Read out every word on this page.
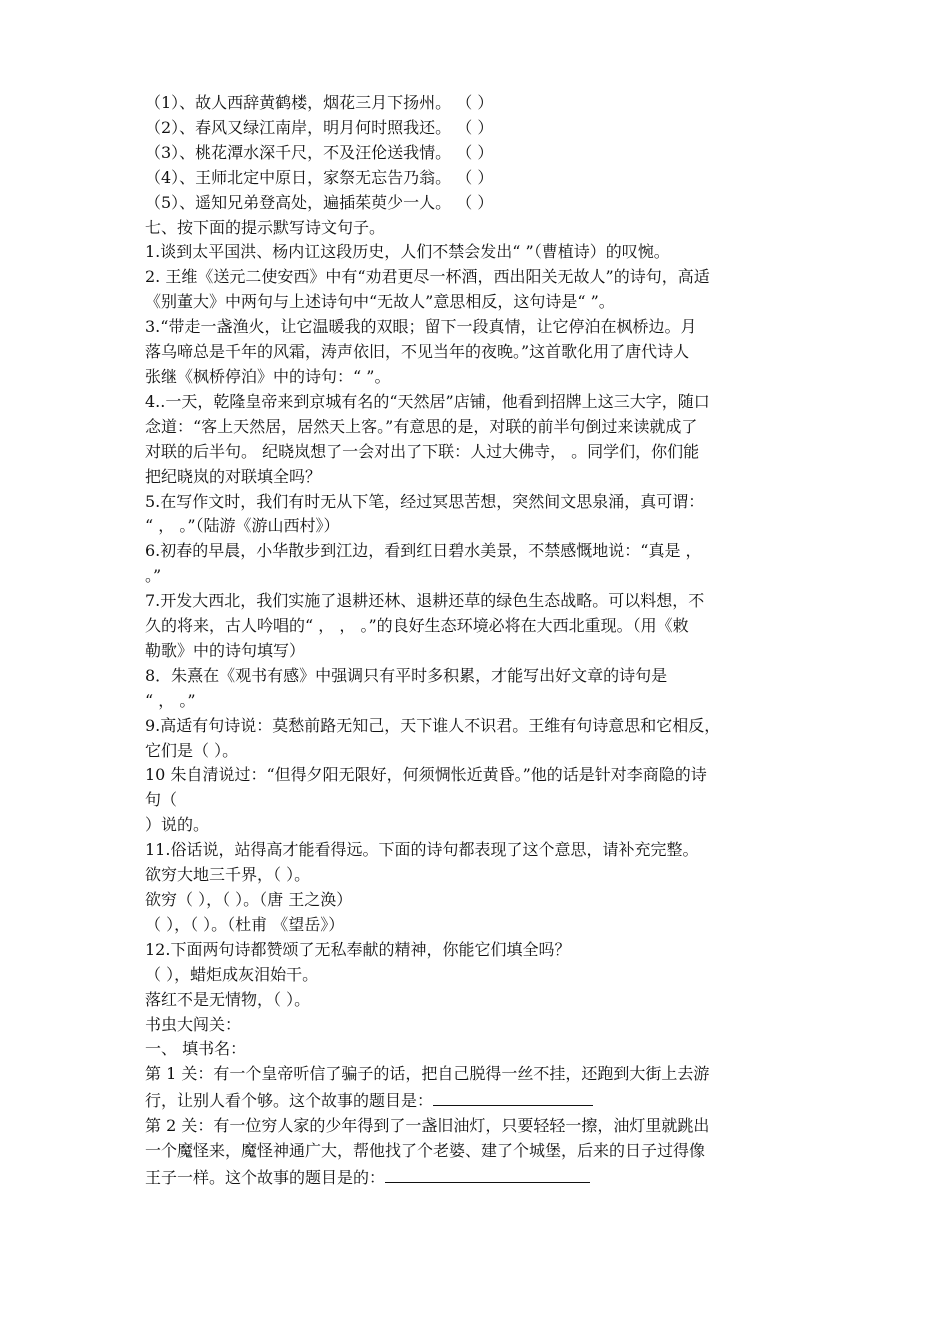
（1）、故人西辞黄鹤楼，烟花三月下扬州。 （ ）
（2）、春风又绿江南岸，明月何时照我还。 （ ）
（3）、桃花潭水深千尺，不及汪伦送我情。 （ ）
（4）、王师北定中原日，家祭无忘告乃翁。 （ ）
（5）、遥知兄弟登高处，遍插茱萸少一人。 （ ）
七、按下面的提示默写诗文句子。
1.谈到太平国洪、杨内讧这段历史，人们不禁会发出“ ”（曹植诗）的叹惋。
2. 王维《送元二使安西》中有“劝君更尽一杯酒，西出阳关无故人”的诗句，高适
《别董大》中两句与上述诗句中“无故人”意思相反，这句诗是“ ”。
3.“带走一盏渔火，让它温暖我的双眼；留下一段真情，让它停泊在枫桥边。月
落乌啼总是千年的风霜，涛声依旧，不见当年的夜晚。”这首歌化用了唐代诗人
张继《枫桥停泊》中的诗句：“ ”。
4..一天，乾隆皇帝来到京城有名的“天然居”店铺，他看到招牌上这三大字，随口
念道：“客上天然居，居然天上客。”有意思的是，对联的前半句倒过来读就成了
对联的后半句。 纪晓岚想了一会对出了下联：人过大佛寺， 。同学们，你们能
把纪晓岚的对联填全吗？
5.在写作文时，我们有时无从下笔，经过冥思苦想，突然间文思泉涌，真可谓：
“ ， 。”（陆游《游山西村》）
6.初春的早晨，小华散步到江边，看到红日碧水美景，不禁感慨地说：“真是 ，
。”
7.开发大西北，我们实施了退耕还林、退耕还草的绿色生态战略。可以料想，不
久的将来，古人吟唱的“ ， ， 。”的良好生态环境必将在大西北重现。（用《敕
勒歌》中的诗句填写）
8．朱熹在《观书有感》中强调只有平时多积累，才能写出好文章的诗句是
“ ， 。”
9.高适有句诗说：莫愁前路无知己，天下谁人不识君。王维有句诗意思和它相反，
它们是（ ）。
10 朱自清说过：“但得夕阳无限好，何须惆怅近黄昏。”他的话是针对李商隐的诗
句（
）说的。
11.俗话说，站得高才能看得远。下面的诗句都表现了这个意思，请补充完整。
欲穷大地三千界，（ ）。
欲穷（ ），（ ）。（唐 王之涣）
（ ），（ ）。（杜甫 《望岳》）
12.下面两句诗都赞颂了无私奉献的精神，你能它们填全吗？
（ ），蜡炬成灰泪始干。
落红不是无情物，（ ）。
书虫大闯关：
一、 填书名：
第 1 关：有一个皇帝听信了骗子的话，把自己脱得一丝不挂，还跑到大街上去游
行，让别人看个够。这个故事的题目是：
第 2 关：有一位穷人家的少年得到了一盏旧油灯，只要轻轻一擦，油灯里就跳出
一个魔怪来，魔怪神通广大，帮他找了个老婆、建了个城堡，后来的日子过得像
王子一样。这个故事的题目是的：
